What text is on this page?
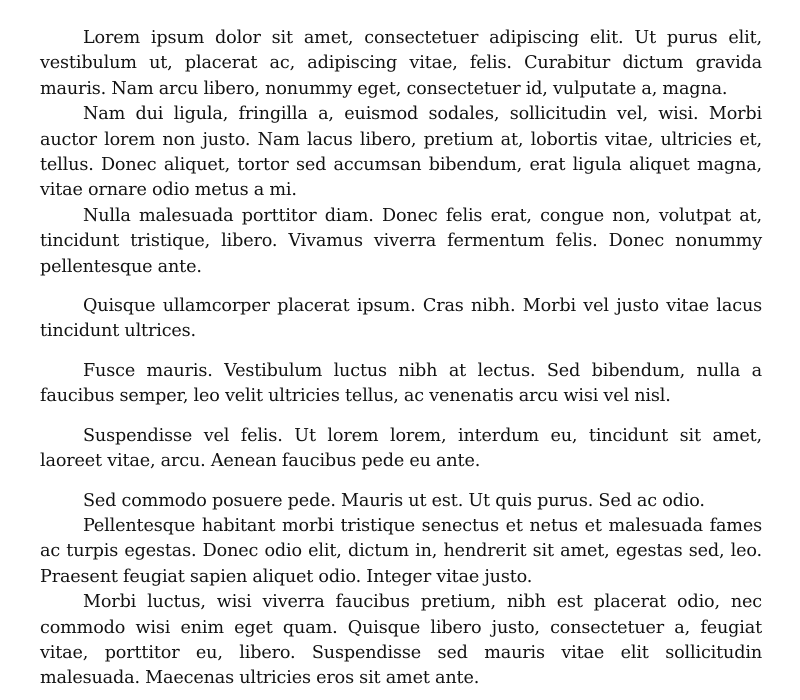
Lorem ipsum dolor sit amet, consectetuer adipiscing elit. Ut purus elit, vestibulum ut, placerat ac, adipiscing vitae, felis. Curabitur dictum gravida mauris. Nam arcu libero, nonummy eget, consectetuer id, vulputate a, magna.

Nam dui ligula, fringilla a, euismod sodales, sollicitudin vel, wisi. Morbi auctor lorem non justo. Nam lacus libero, pretium at, lobortis vitae, ultricies et, tellus. Donec aliquet, tortor sed accumsan bibendum, erat ligula aliquet magna, vitae ornare odio metus a mi.

Nulla malesuada porttitor diam. Donec felis erat, congue non, volutpat at, tincidunt tristique, libero. Vivamus viverra fermentum felis. Donec nonummy pellentesque ante.

Quisque ullamcorper placerat ipsum. Cras nibh. Morbi vel justo vitae lacus tincidunt ultrices.

Fusce mauris. Vestibulum luctus nibh at lectus. Sed bibendum, nulla a faucibus semper, leo velit ultricies tellus, ac venenatis arcu wisi vel nisl.

Suspendisse vel felis. Ut lorem lorem, interdum eu, tincidunt sit amet, laoreet vitae, arcu. Aenean faucibus pede eu ante.

Sed commodo posuere pede. Mauris ut est. Ut quis purus. Sed ac odio.

Pellentesque habitant morbi tristique senectus et netus et malesuada fames ac turpis egestas. Donec odio elit, dictum in, hendrerit sit amet, egestas sed, leo. Praesent feugiat sapien aliquet odio. Integer vitae justo.

Morbi luctus, wisi viverra faucibus pretium, nibh est placerat odio, nec commodo wisi enim eget quam. Quisque libero justo, consectetuer a, feugiat vitae, porttitor eu, libero. Suspendisse sed mauris vitae elit sollicitudin malesuada. Maecenas ultricies eros sit amet ante.
